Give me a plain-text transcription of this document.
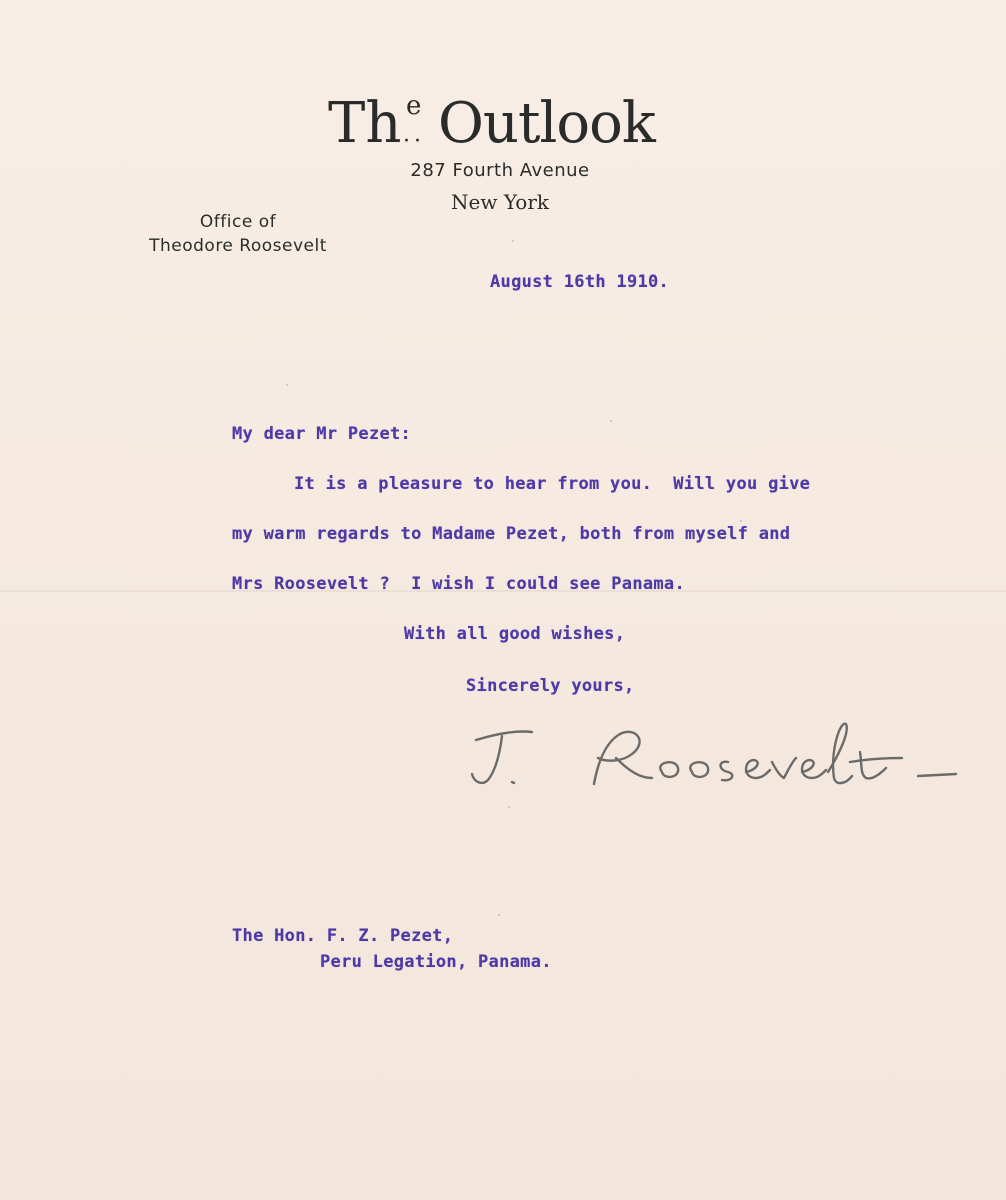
Th e
·· Outlook
287 Fourth Avenue
New York
Office of
Theodore Roosevelt
August 16th 1910.
My dear Mr Pezet:
It is a pleasure to hear from you.  Will you give
my warm regards to Madame Pezet, both from myself and
Mrs Roosevelt ?  I wish I could see Panama.
With all good wishes,
Sincerely yours,
The Hon. F. Z. Pezet,
Peru Legation, Panama.
